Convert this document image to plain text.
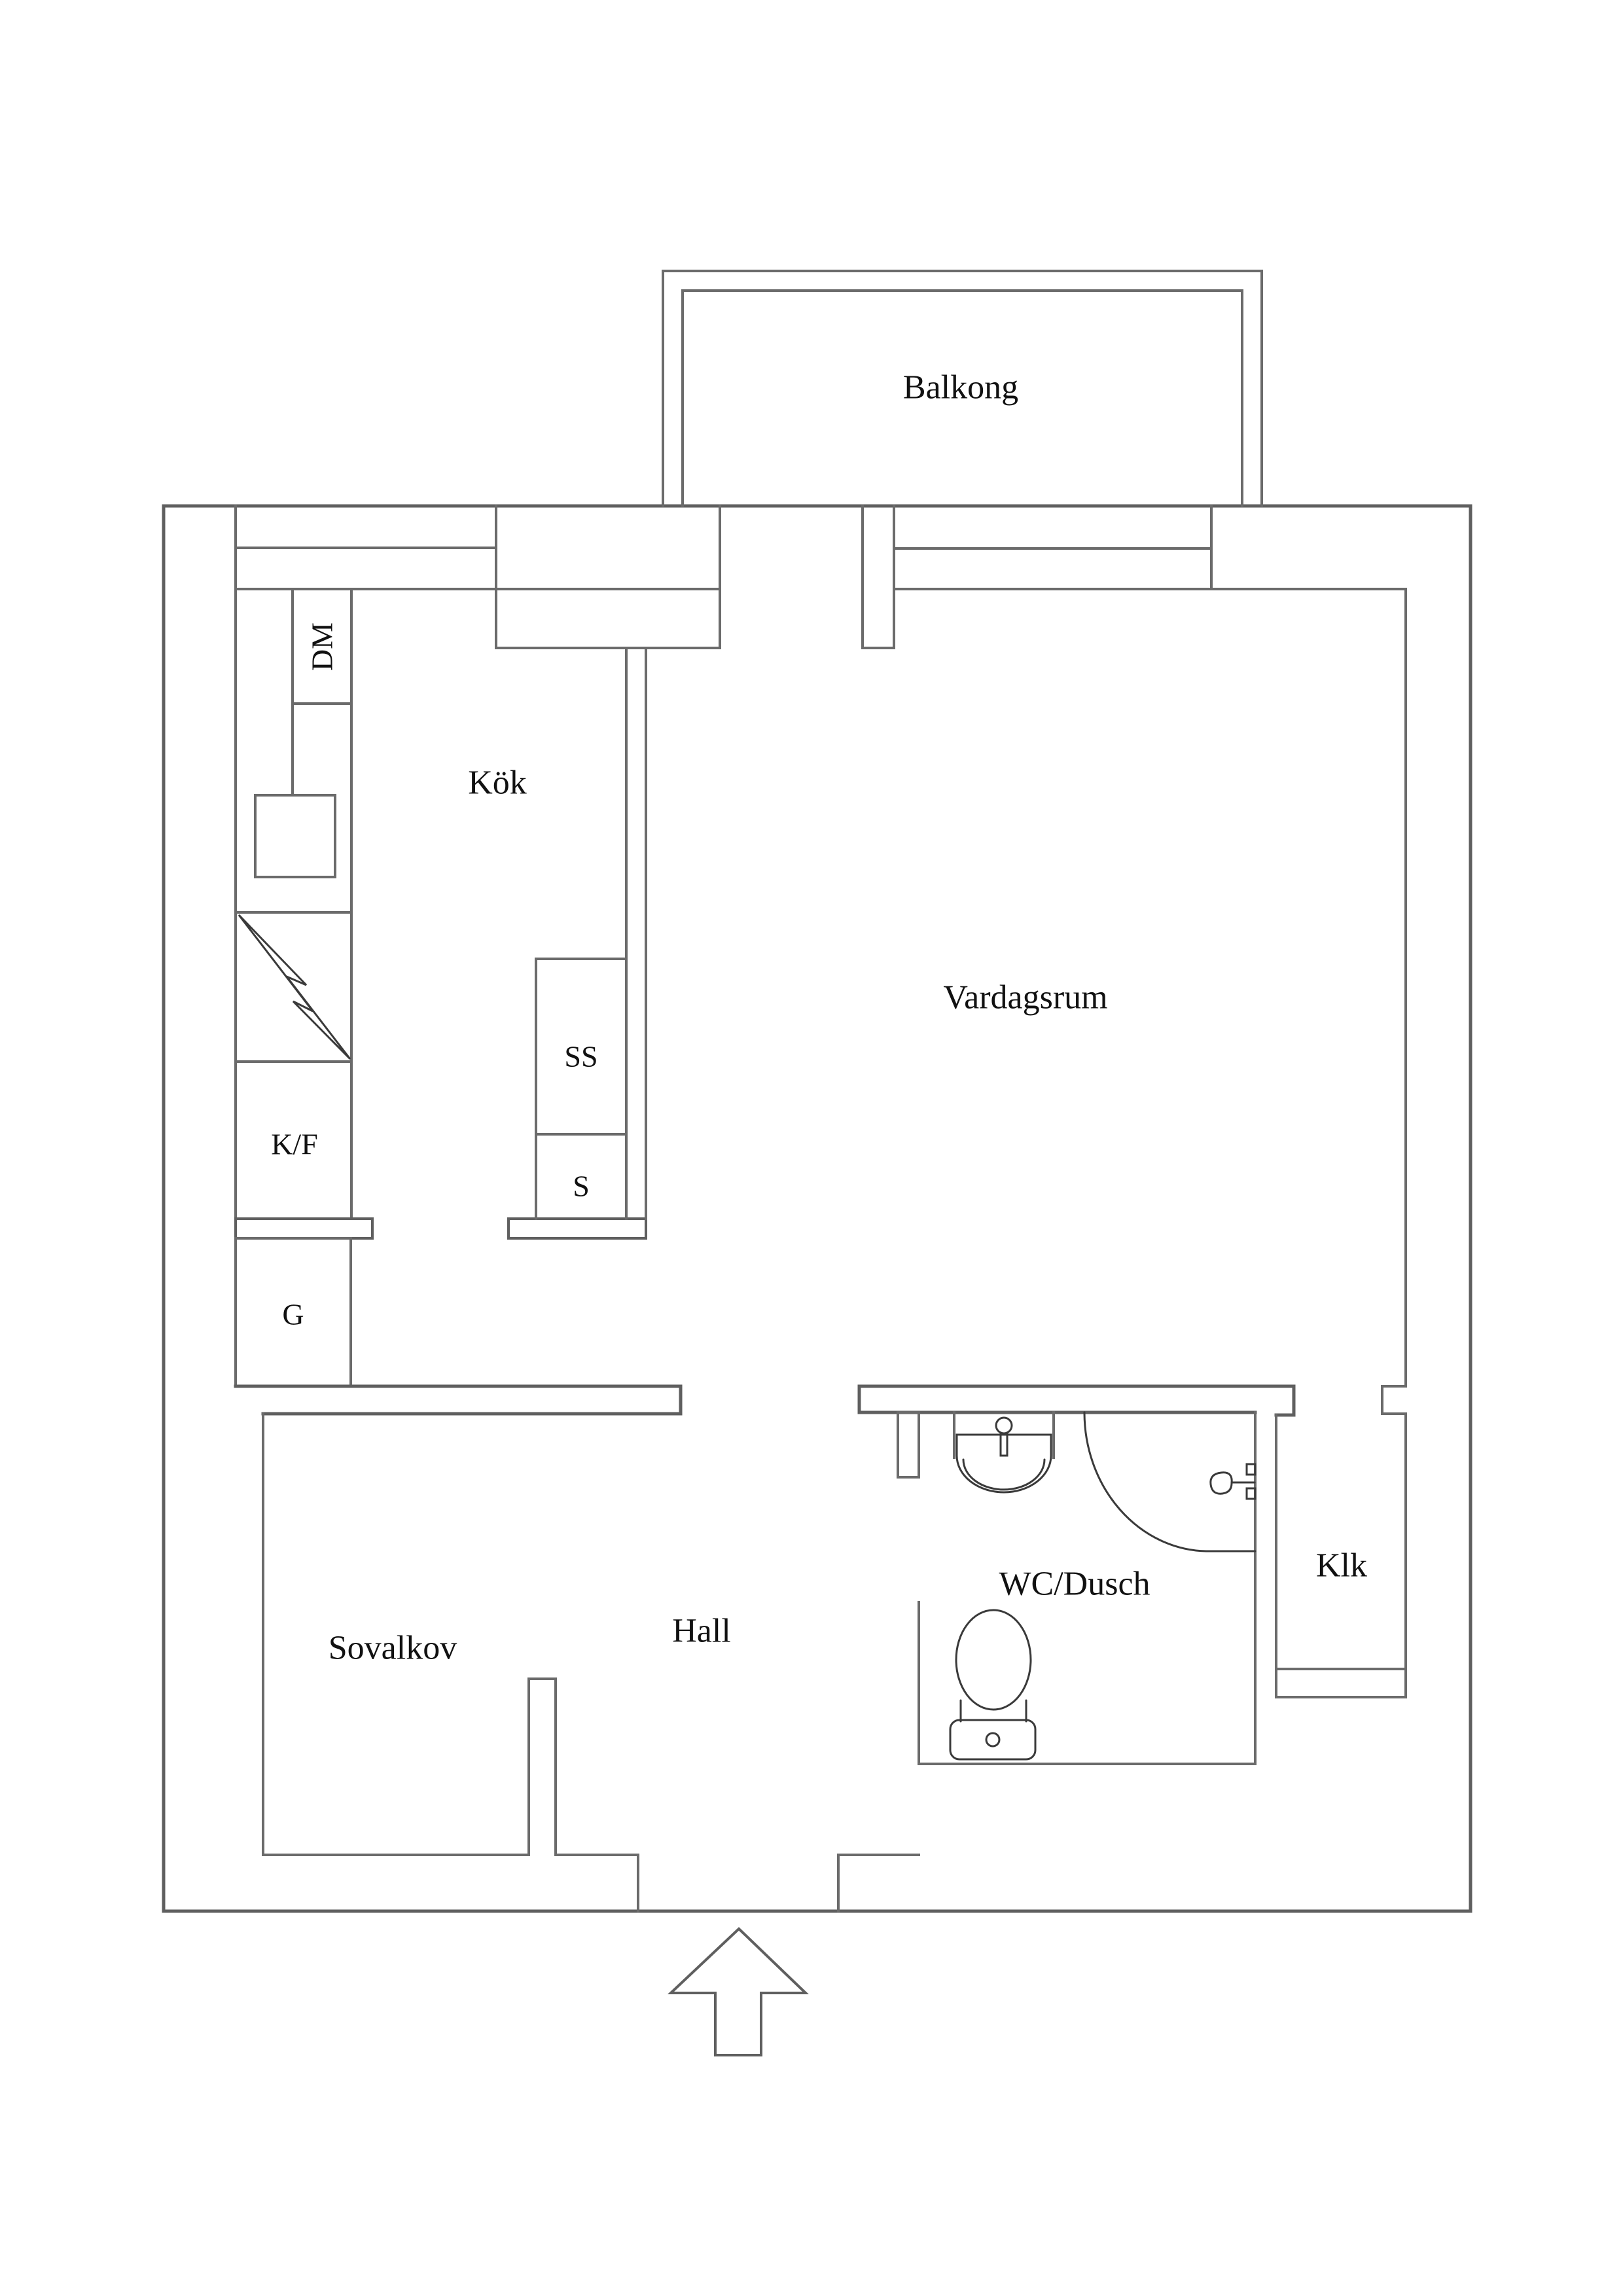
Balkong
DM
K/F
G
SS
S
Kök
Vardagsrum
Sovalkov	Hall
WC/Dusch	Klk
